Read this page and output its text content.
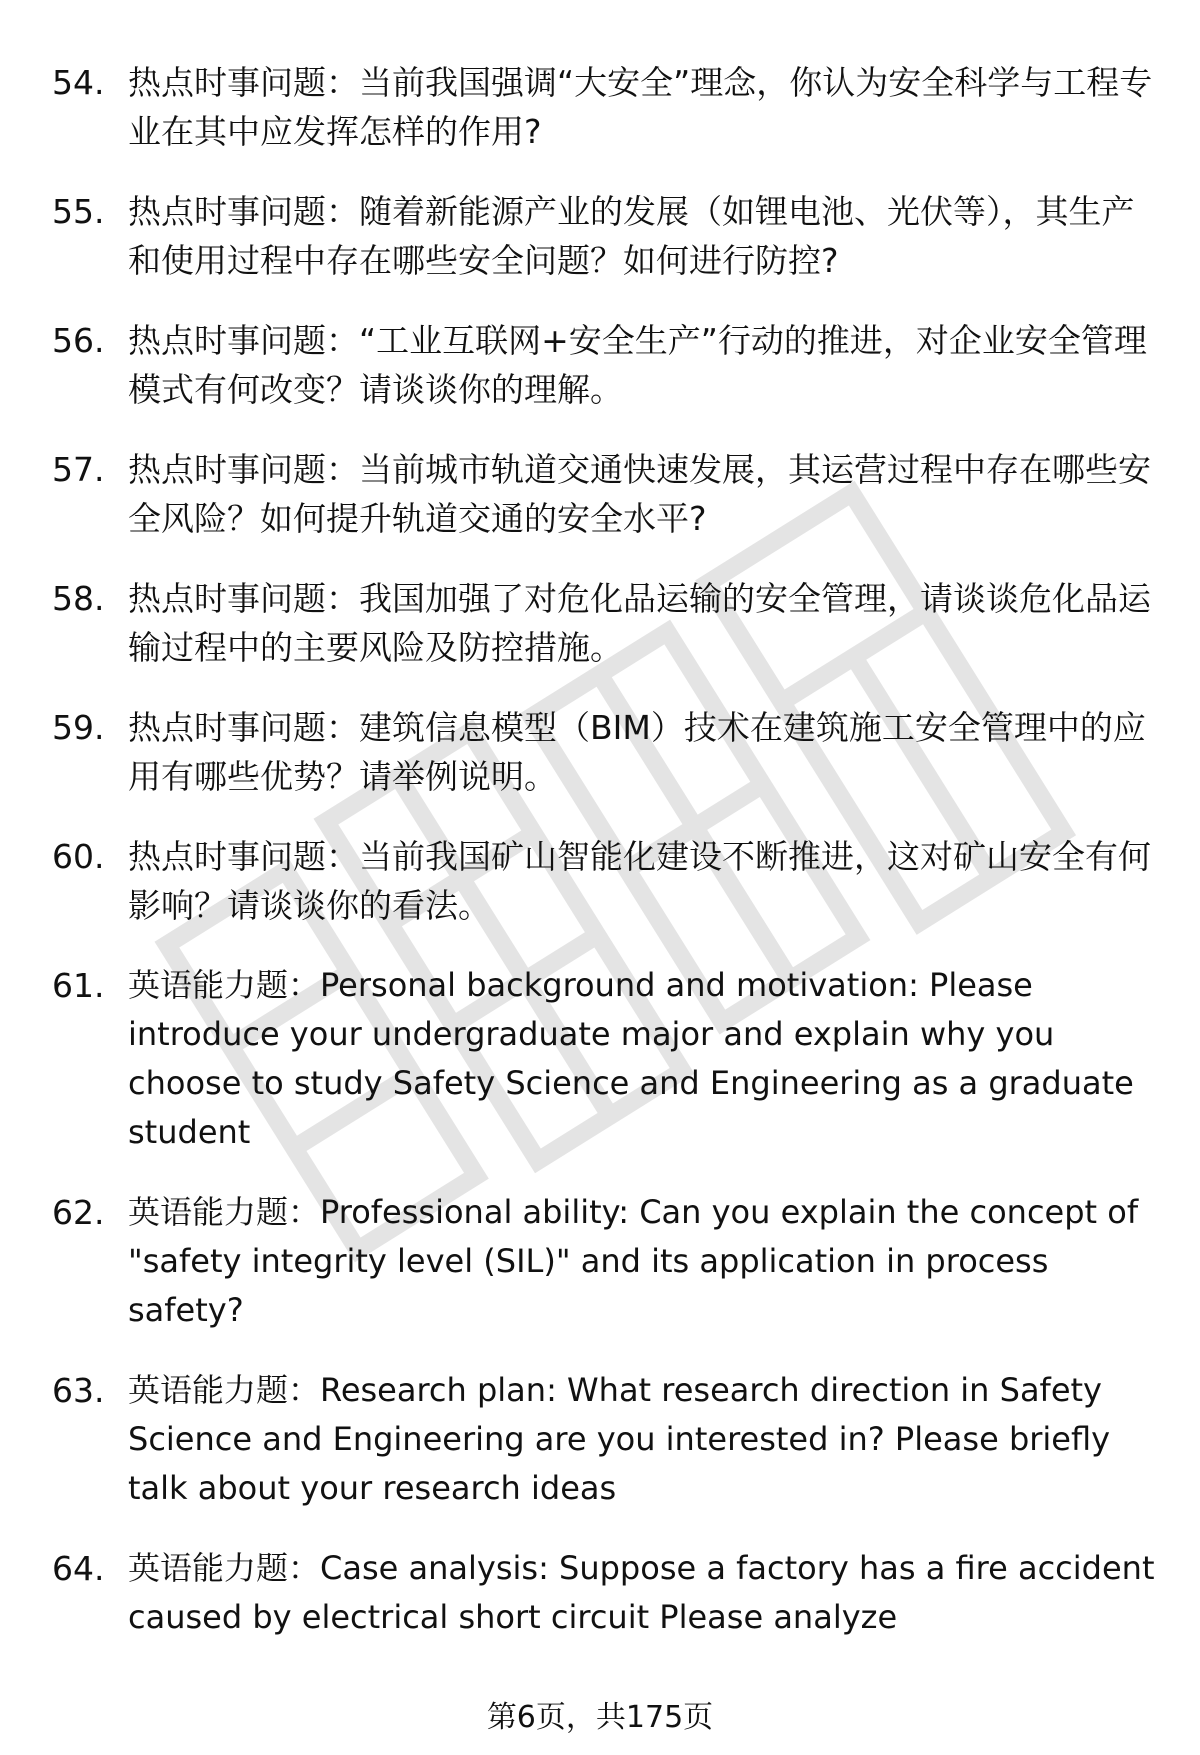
54. 热点时事问题：当前我国强调“大安全”理念，你认为安全科学与工程专业在其中应发挥怎样的作用?
55. 热点时事问题：随着新能源产业的发展（如锂电池、光伏等），其生产和使用过程中存在哪些安全问题？如何进行防控?
56. 热点时事问题：“工业互联网+安全生产”行动的推进，对企业安全管理模式有何改变？请谈谈你的理解。
57. 热点时事问题：当前城市轨道交通快速发展，其运营过程中存在哪些安全风险？如何提升轨道交通的安全水平?
58. 热点时事问题：我国加强了对危化品运输的安全管理，请谈谈危化品运输过程中的主要风险及防控措施。
59. 热点时事问题：建筑信息模型（BIM）技术在建筑施工安全管理中的应用有哪些优势？请举例说明。
60. 热点时事问题：当前我国矿山智能化建设不断推进，这对矿山安全有何影响？请谈谈你的看法。
61. 英语能力题：Personal background and motivation: Please introduce your undergraduate major and explain why you choose to study Safety Science and Engineering as a graduate student
62. 英语能力题：Professional ability: Can you explain the concept of "safety integrity level (SIL)" and its application in process safety?
63. 英语能力题：Research plan: What research direction in Safety Science and Engineering are you interested in? Please briefly talk about your research ideas
64. 英语能力题：Case analysis: Suppose a factory has a fire accident caused by electrical short circuit Please analyze
第6页，共175页
